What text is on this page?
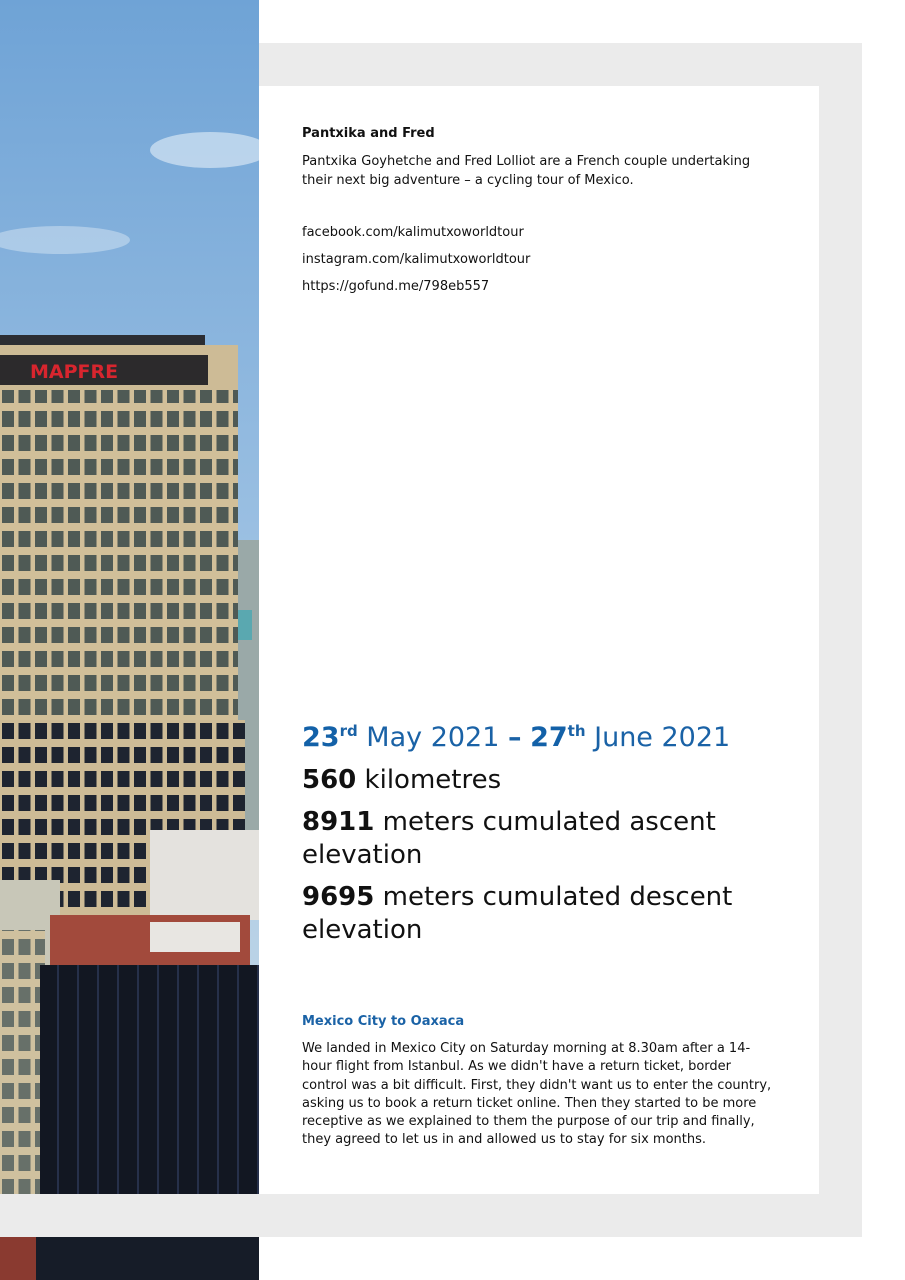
MAPFRE
Pantxika and Fred

Pantxika Goyhetche and Fred Lolliot are a French couple undertaking their next big adventure – a cycling tour of Mexico.

facebook.com/kalimutxoworldtour
instagram.com/kalimutxoworldtour
https://gofund.me/798eb557
23rd May 2021 – 27th June 2021
560 kilometres
8911 meters cumulated ascent elevation
9695 meters cumulated descent elevation
Mexico City to Oaxaca

We landed in Mexico City on Saturday morning at 8.30am after a 14-hour flight from Istanbul. As we didn't have a return ticket, border control was a bit difficult. First, they didn't want us to enter the country, asking us to book a return ticket online. Then they started to be more receptive as we explained to them the purpose of our trip and finally, they agreed to let us in and allowed us to stay for six months.
